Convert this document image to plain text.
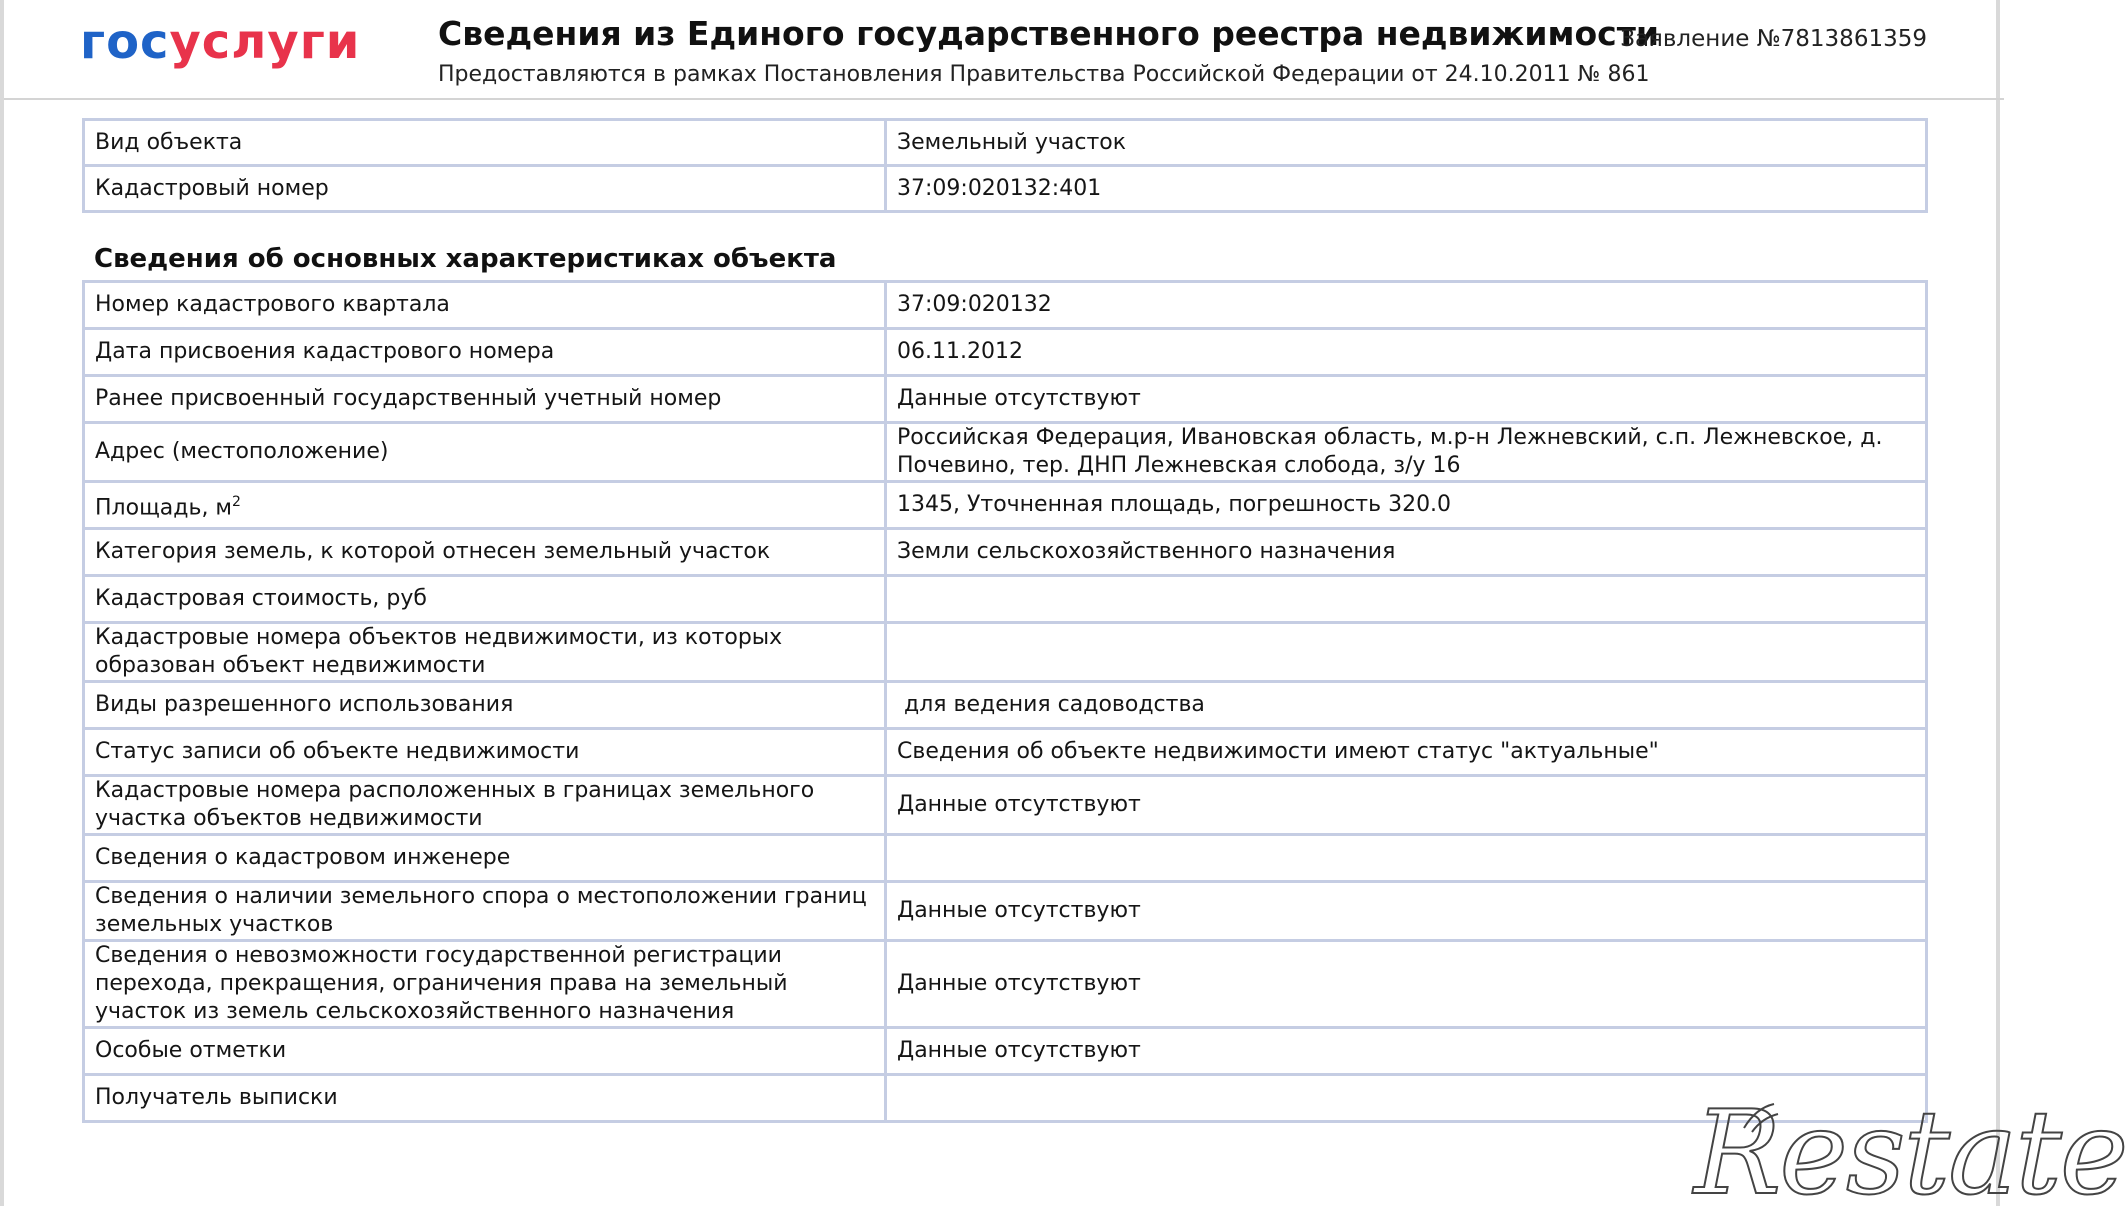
госуслуги Сведения из Единого государственного реестра недвижимости
Предоставляются в рамках Постановления Правительства Российской Федерации от 24.10.2011 № 861
Заявление №7813861359
Вид объекта	Земельный участок
Кадастровый номер	37:09:020132:401
Сведения об основных характеристиках объекта
Номер кадастрового квартала	37:09:020132
Дата присвоения кадастрового номера	06.11.2012
Ранее присвоенный государственный учетный номер	Данные отсутствуют
Адрес (местоположение)	Российская Федерация, Ивановская область, м.р-н Лежневский, с.п. Лежневское, д. Почевино, тер. ДНП Лежневская слобода, з/у 16
Площадь, $м^2$	1345, Уточненная площадь, погрешность 320.0
Категория земель, к которой отнесен земельный участок	Земли сельскохозяйственного назначения
Кадастровая стоимость, руб	
Кадастровые номера объектов недвижимости, из которых образован объект недвижимости	
Виды разрешенного использования	для ведения садоводства
Статус записи об объекте недвижимости	Сведения об объекте недвижимости имеют статус "актуальные"
Кадастровые номера расположенных в границах земельного участка объектов недвижимости	Данные отсутствуют
Сведения о кадастровом инженере	
Сведения о наличии земельного спора о местоположении границ земельных участков	Данные отсутствуют
Сведения о невозможности государственной регистрации перехода, прекращения, ограничения права на земельный участок из земель сельскохозяйственного назначения	Данные отсутствуют
Особые отметки	Данные отсутствуют
Получатель выписки		Restate
